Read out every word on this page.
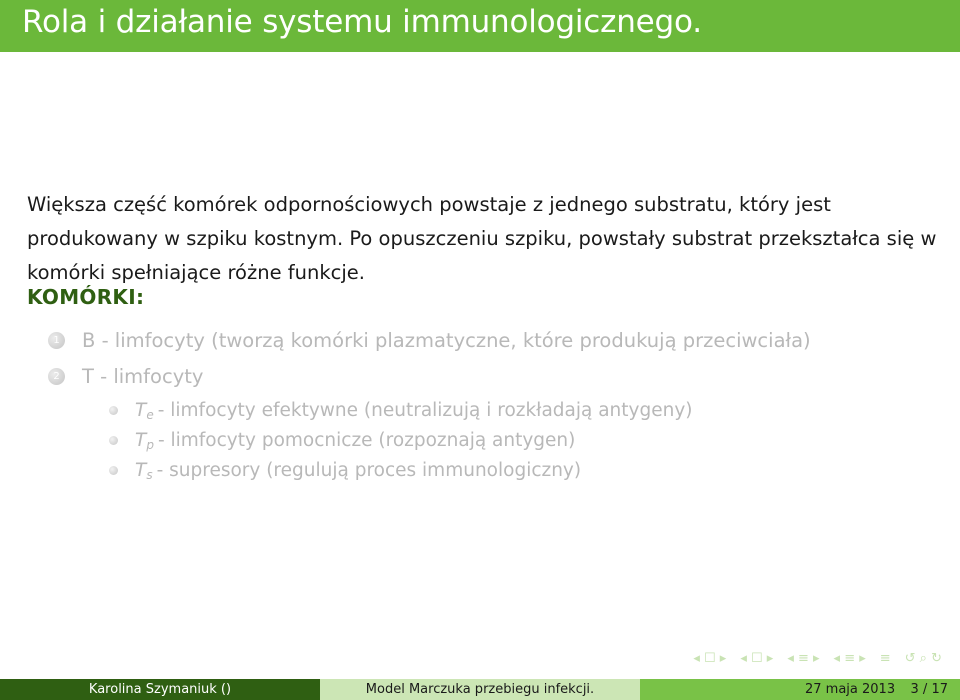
Rola i działanie systemu immunologicznego.
Większa część komórek odpornościowych powstaje z jednego substratu, który jest produkowany w szpiku kostnym. Po opuszczeniu szpiku, powstały substrat przekształca się w komórki spełniające różne funkcje.
KOMÓRKI:
1 B - limfocyty (tworzą komórki plazmatyczne, które produkują przeciwciała)
2 T - limfocyty
T e - limfocyty efektywne (neutralizują i rozkładają antygeny)
T p - limfocyty pomocnicze (rozpoznają antygen)
T s - supresory (regulują proces immunologiczny)
◂ ☐ ▸ ◂ ☐ ▸ ◂ ≡ ▸ ◂ ≡ ▸ ≡ ↺ ⌕ ↻
Karolina Szymaniuk ()	Model Marczuka przebiegu infekcji.	27 maja 2013 3 / 17
